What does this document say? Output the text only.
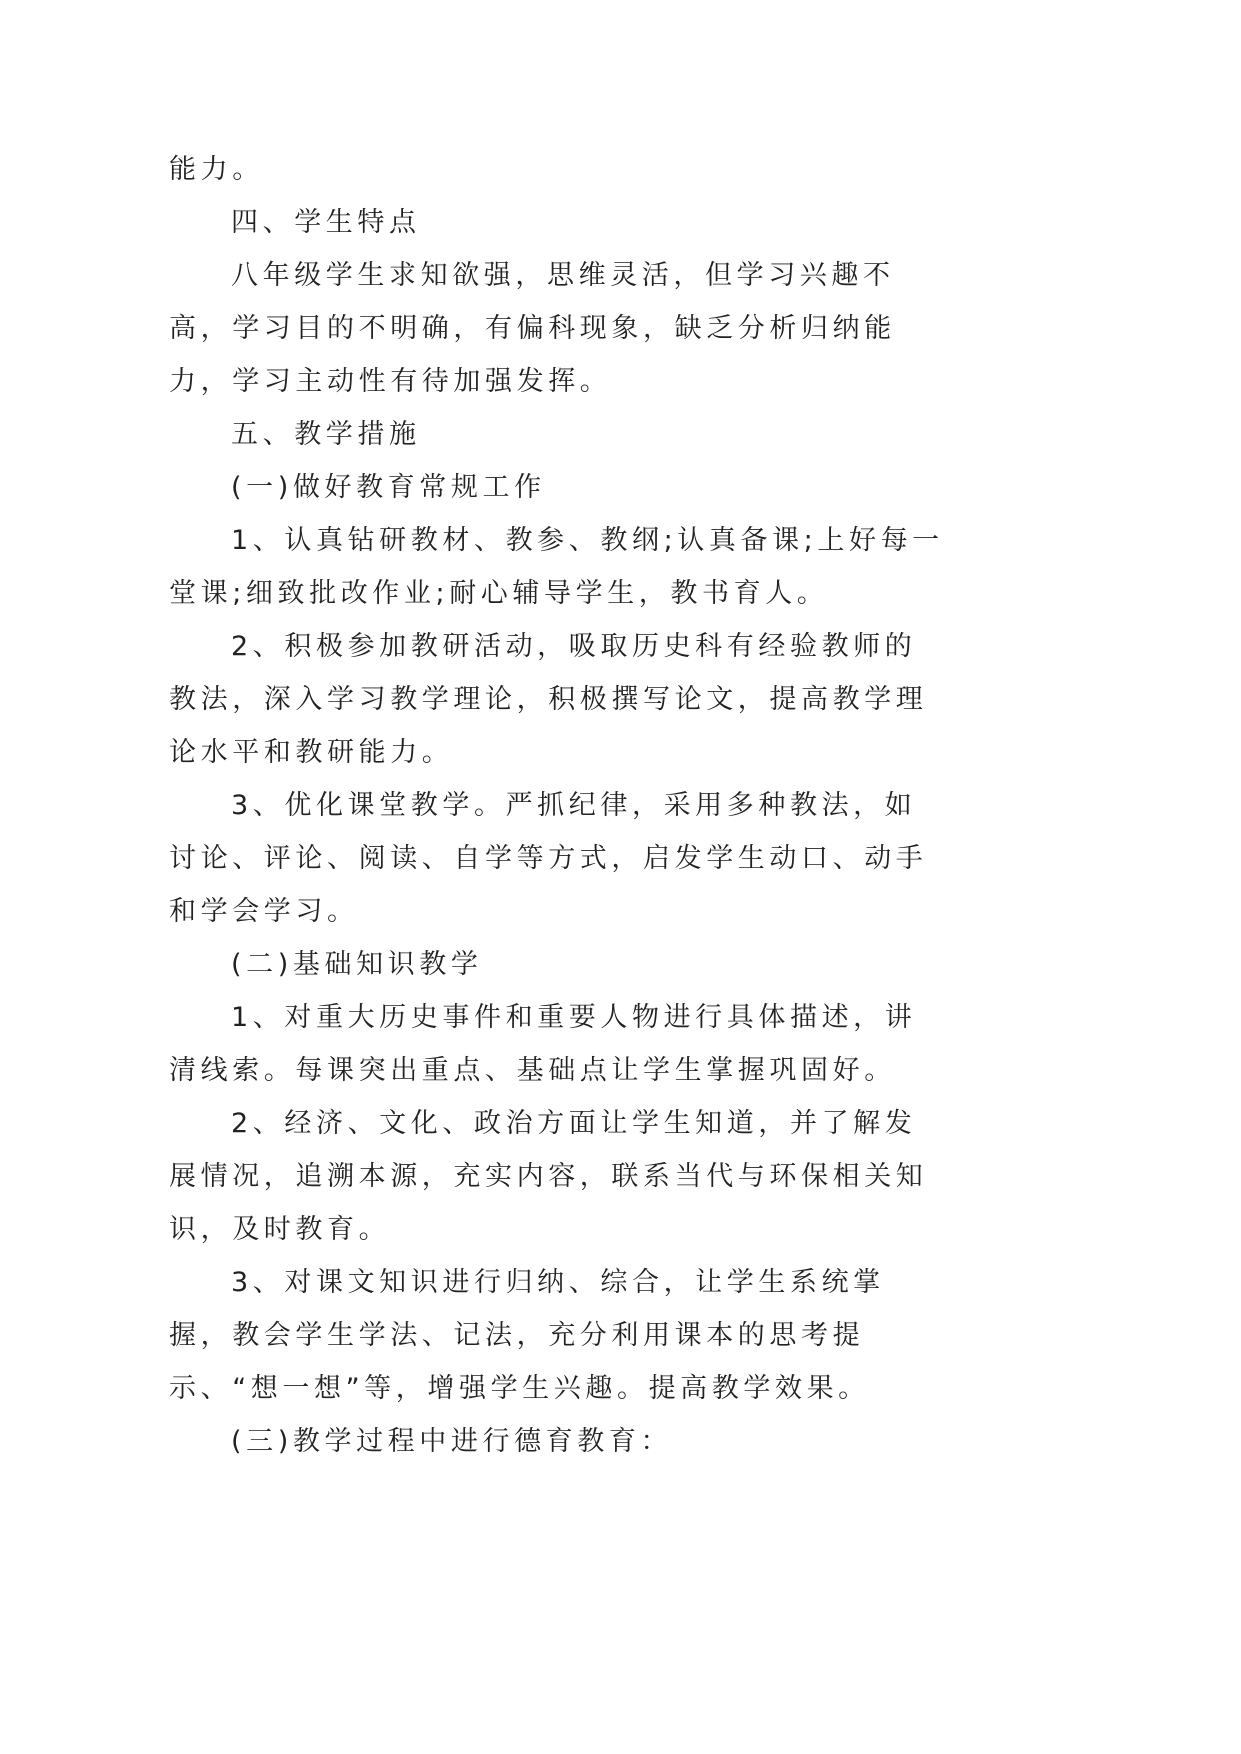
能力。

四、学生特点

八年级学生求知欲强，思维灵活，但学习兴趣不高，学习目的不明确，有偏科现象，缺乏分析归纳能力，学习主动性有待加强发挥。

五、教学措施

(一)做好教育常规工作

1、认真钻研教材、教参、教纲;认真备课;上好每一堂课;细致批改作业;耐心辅导学生，教书育人。

2、积极参加教研活动，吸取历史科有经验教师的教法，深入学习教学理论，积极撰写论文，提高教学理论水平和教研能力。

3、优化课堂教学。严抓纪律，采用多种教法，如讨论、评论、阅读、自学等方式，启发学生动口、动手和学会学习。

(二)基础知识教学

1、对重大历史事件和重要人物进行具体描述，讲清线索。每课突出重点、基础点让学生掌握巩固好。

2、经济、文化、政治方面让学生知道，并了解发展情况，追溯本源，充实内容，联系当代与环保相关知识，及时教育。

3、对课文知识进行归纳、综合，让学生系统掌握，教会学生学法、记法，充分利用课本的思考提示、“想一想”等，增强学生兴趣。提高教学效果。

(三)教学过程中进行德育教育：
